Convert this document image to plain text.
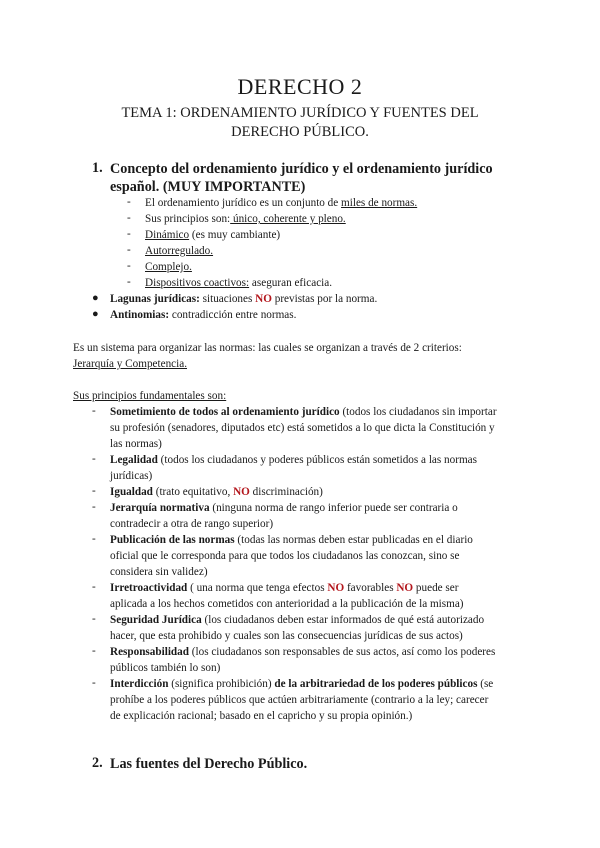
DERECHO 2
TEMA 1: ORDENAMIENTO JURÍDICO Y FUENTES DEL DERECHO PÚBLICO.
1. Concepto del ordenamiento jurídico y el ordenamiento jurídico español. (MUY IMPORTANTE)
- El ordenamiento jurídico es un conjunto de miles de normas.
- Sus principios son: único, coherente y pleno.
- Dinámico (es muy cambiante)
- Autorregulado.
- Complejo.
- Dispositivos coactivos: aseguran eficacia.
● Lagunas jurídicas: situaciones NO previstas por la norma.
● Antinomias: contradicción entre normas.
Es un sistema para organizar las normas: las cuales se organizan a través de 2 criterios:
Jerarquía y Competencia.
Sus principios fundamentales son:
- Sometimiento de todos al ordenamiento jurídico (todos los ciudadanos sin importar
su profesión (senadores, diputados etc) está sometidos a lo que dicta la Constitución y
las normas)
- Legalidad (todos los ciudadanos y poderes públicos están sometidos a las normas
jurídicas)
- Igualdad (trato equitativo, NO discriminación)
- Jerarquía normativa (ninguna norma de rango inferior puede ser contraria o
contradecir a otra de rango superior)
- Publicación de las normas (todas las normas deben estar publicadas en el diario
oficial que le corresponda para que todos los ciudadanos las conozcan, sino se
considera sin validez)
- Irretroactividad ( una norma que tenga efectos NO favorables NO puede ser
aplicada a los hechos cometidos con anterioridad a la publicación de la misma)
- Seguridad Jurídica (los ciudadanos deben estar informados de qué está autorizado
hacer, que esta prohibido y cuales son las consecuencias jurídicas de sus actos)
- Responsabilidad (los ciudadanos son responsables de sus actos, así como los poderes
públicos también lo son)
- Interdicción (significa prohibición) de la arbitrariedad de los poderes públicos (se
prohíbe a los poderes públicos que actúen arbitrariamente (contrario a la ley; carecer
de explicación racional; basado en el capricho y su propia opinión.)
2. Las fuentes del Derecho Público.
